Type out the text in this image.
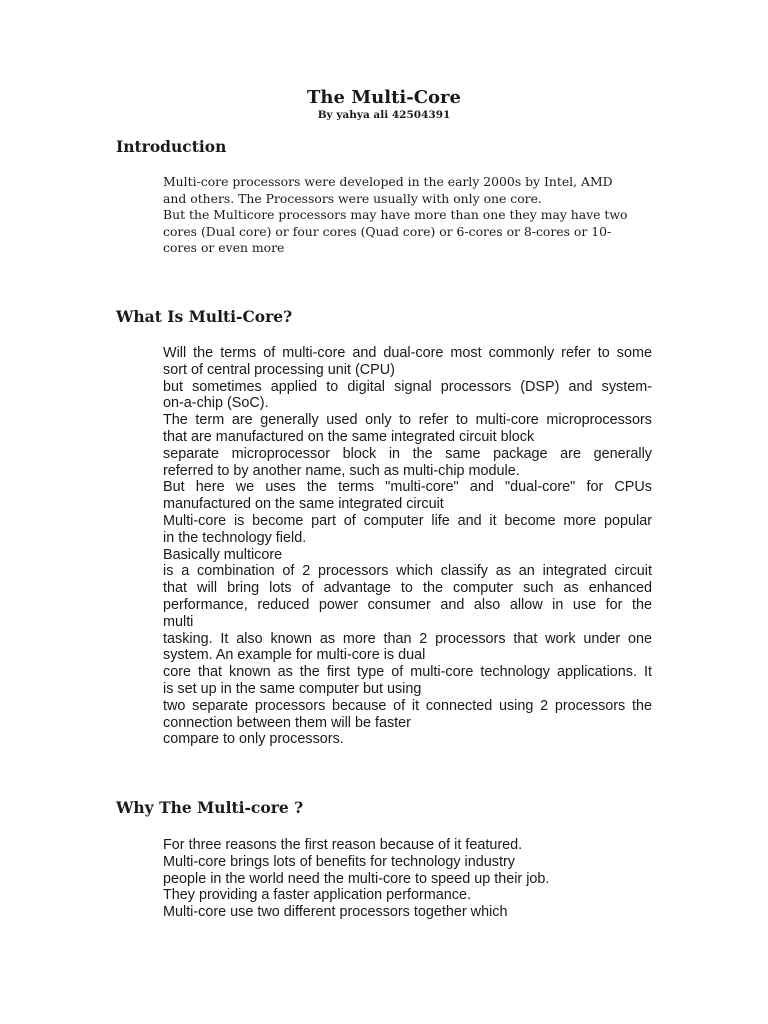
The Multi-Core
By yahya ali 42504391
Introduction
Multi-core processors were developed in the early 2000s by Intel, AMD
and others. The Processors were usually with only one core.
But the Multicore processors may have more than one they may have two
cores (Dual core) or four cores (Quad core) or 6-cores or 8-cores or 10-
cores or even more
What Is Multi-Core?
Will the terms of multi-core and dual-core most commonly refer to some
sort of central processing unit (CPU)
but sometimes applied to digital signal processors (DSP) and system-
on-a-chip (SoC).
The term are generally used only to refer to multi-core microprocessors
that are manufactured on the same integrated circuit block
separate microprocessor block in the same package are generally
referred to by another name, such as multi-chip module.
But here we uses the terms "multi-core" and "dual-core" for CPUs
manufactured on the same integrated circuit
Multi-core is become part of computer life and it become more popular
in the technology field.
Basically multicore
is a combination of 2 processors which classify as an integrated circuit
that will bring lots of advantage to the computer such as enhanced
performance, reduced power consumer and also allow in use for the
multi
tasking. It also known as more than 2 processors that work under one
system. An example for multi-core is dual
core that known as the first type of multi-core technology applications. It
is set up in the same computer but using
two separate processors because of it connected using 2 processors the
connection between them will be faster
compare to only processors.
Why The Multi-core ?
For three reasons the first reason because of it featured.
Multi-core brings lots of benefits for technology industry
people in the world need the multi-core to speed up their job.
They providing a faster application performance.
Multi-core use two different processors together which
